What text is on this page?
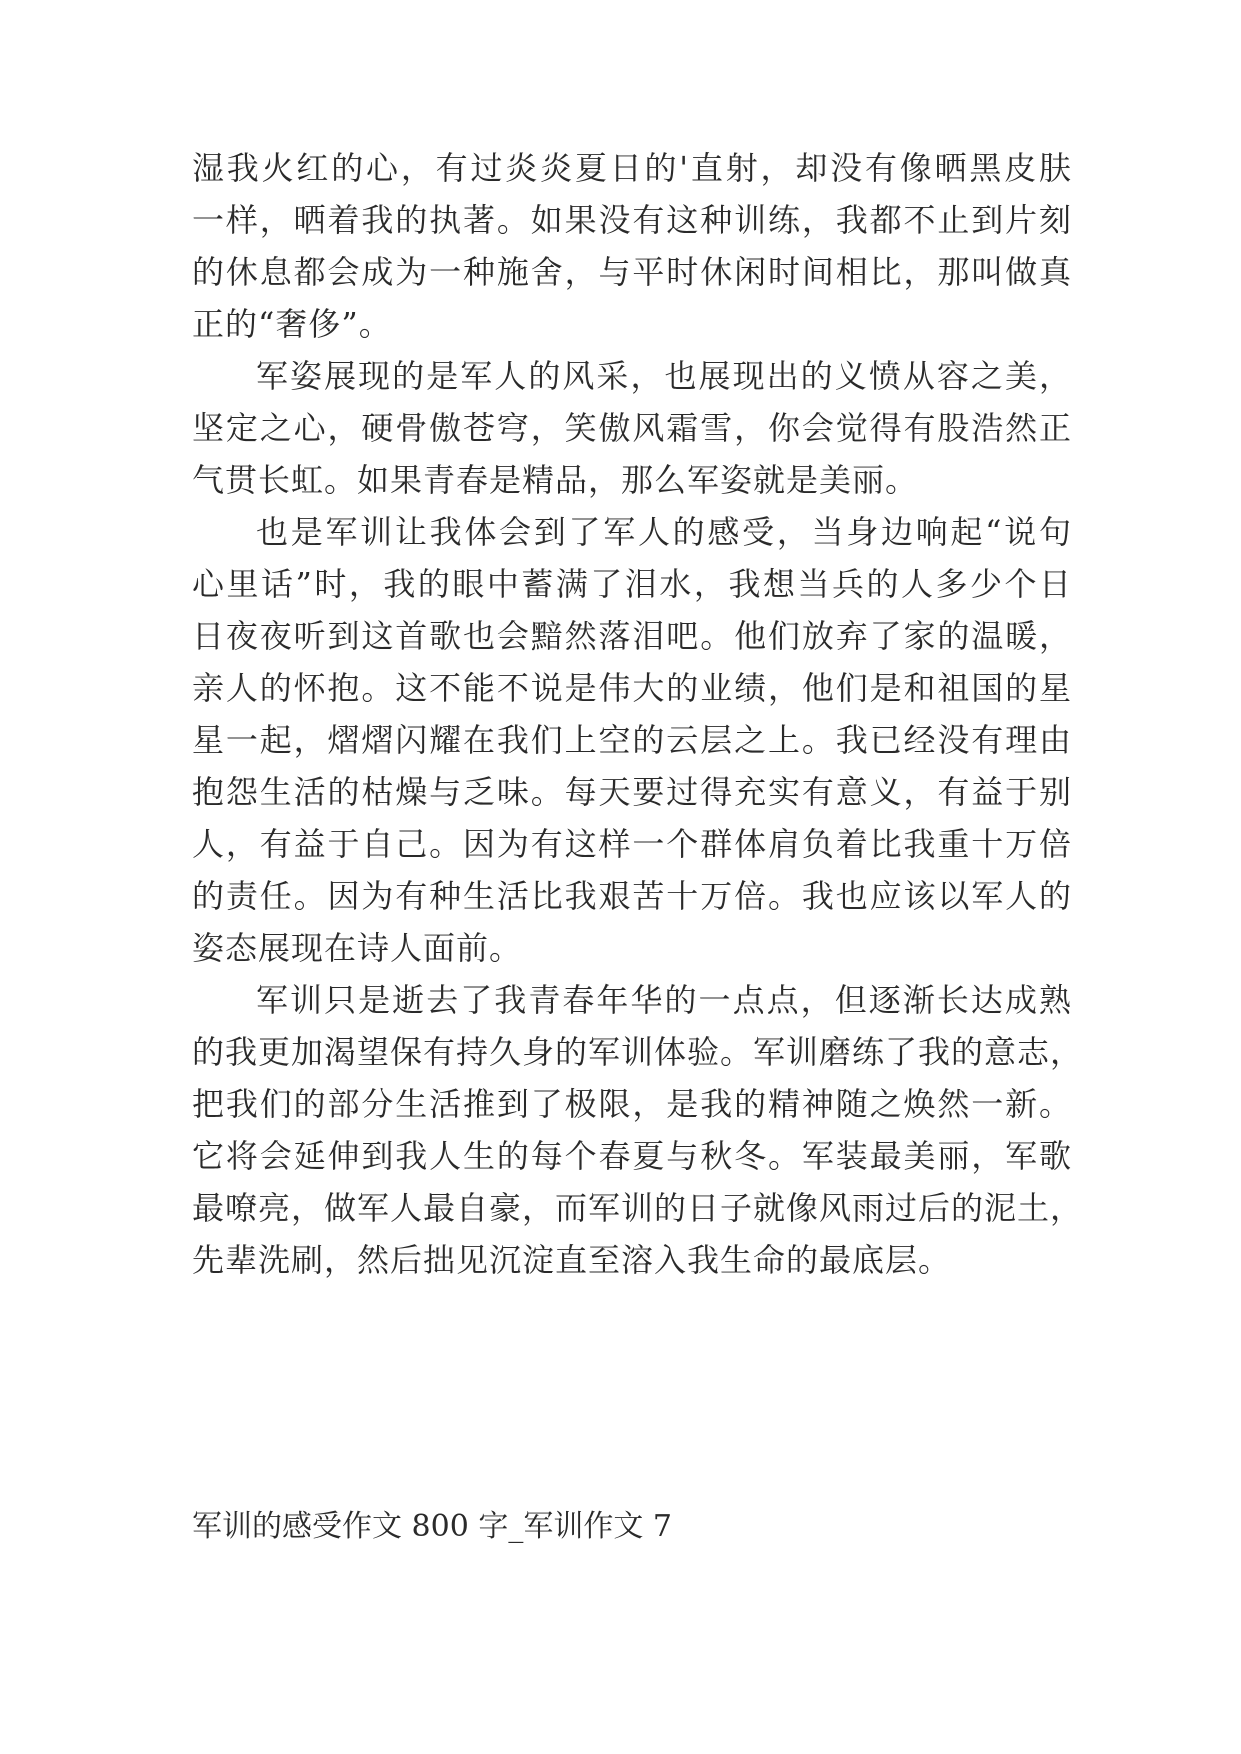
湿我火红的心，有过炎炎夏日的'直射，却没有像晒黑皮肤
一样，晒着我的执著。如果没有这种训练，我都不止到片刻
的休息都会成为一种施舍，与平时休闲时间相比，那叫做真
正的“奢侈”。
军姿展现的是军人的风采，也展现出的义愤从容之美，
坚定之心，硬骨傲苍穹，笑傲风霜雪，你会觉得有股浩然正
气贯长虹。如果青春是精品，那么军姿就是美丽。
也是军训让我体会到了军人的感受，当身边响起“说句
心里话”时，我的眼中蓄满了泪水，我想当兵的人多少个日
日夜夜听到这首歌也会黯然落泪吧。他们放弃了家的温暖，
亲人的怀抱。这不能不说是伟大的业绩，他们是和祖国的星
星一起，熠熠闪耀在我们上空的云层之上。我已经没有理由
抱怨生活的枯燥与乏味。每天要过得充实有意义，有益于别
人，有益于自己。因为有这样一个群体肩负着比我重十万倍
的责任。因为有种生活比我艰苦十万倍。我也应该以军人的
姿态展现在诗人面前。
军训只是逝去了我青春年华的一点点，但逐渐长达成熟
的我更加渴望保有持久身的军训体验。军训磨练了我的意志，
把我们的部分生活推到了极限，是我的精神随之焕然一新。
它将会延伸到我人生的每个春夏与秋冬。军装最美丽，军歌
最嘹亮，做军人最自豪，而军训的日子就像风雨过后的泥土，
先辈洗刷，然后拙见沉淀直至溶入我生命的最底层。
军训的感受作文 800 字_军训作文 7
